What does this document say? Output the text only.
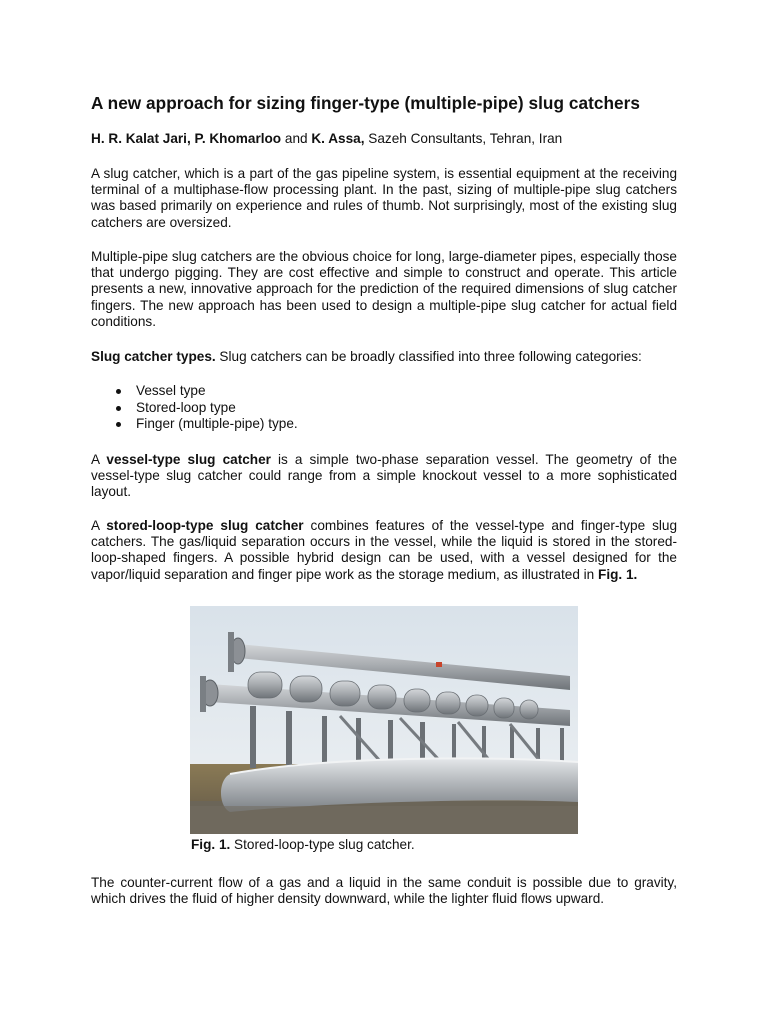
A new approach for sizing finger-type (multiple-pipe) slug catchers

H. R. Kalat Jari, P. Khomarloo and K. Assa, Sazeh Consultants, Tehran, Iran

A slug catcher, which is a part of the gas pipeline system, is essential equipment at the receiving terminal of a multiphase-flow processing plant. In the past, sizing of multiple-pipe slug catchers was based primarily on experience and rules of thumb. Not surprisingly, most of the existing slug catchers are oversized.

Multiple-pipe slug catchers are the obvious choice for long, large-diameter pipes, especially those that undergo pigging. They are cost effective and simple to construct and operate. This article presents a new, innovative approach for the prediction of the required dimensions of slug catcher fingers. The new approach has been used to design a multiple-pipe slug catcher for actual field conditions.

Slug catcher types. Slug catchers can be broadly classified into three following categories:

Vessel type
Stored-loop type
Finger (multiple-pipe) type.

A vessel-type slug catcher is a simple two-phase separation vessel. The geometry of the vessel-type slug catcher could range from a simple knockout vessel to a more sophisticated layout.

A stored-loop-type slug catcher combines features of the vessel-type and finger-type slug catchers. The gas/liquid separation occurs in the vessel, while the liquid is stored in the stored-loop-shaped fingers. A possible hybrid design can be used, with a vessel designed for the vapor/liquid separation and finger pipe work as the storage medium, as illustrated in Fig. 1.

The counter-current flow of a gas and a liquid in the same conduit is possible due to gravity, which drives the fluid of higher density downward, while the lighter fluid flows upward.

Fig. 1. Stored-loop-type slug catcher.
